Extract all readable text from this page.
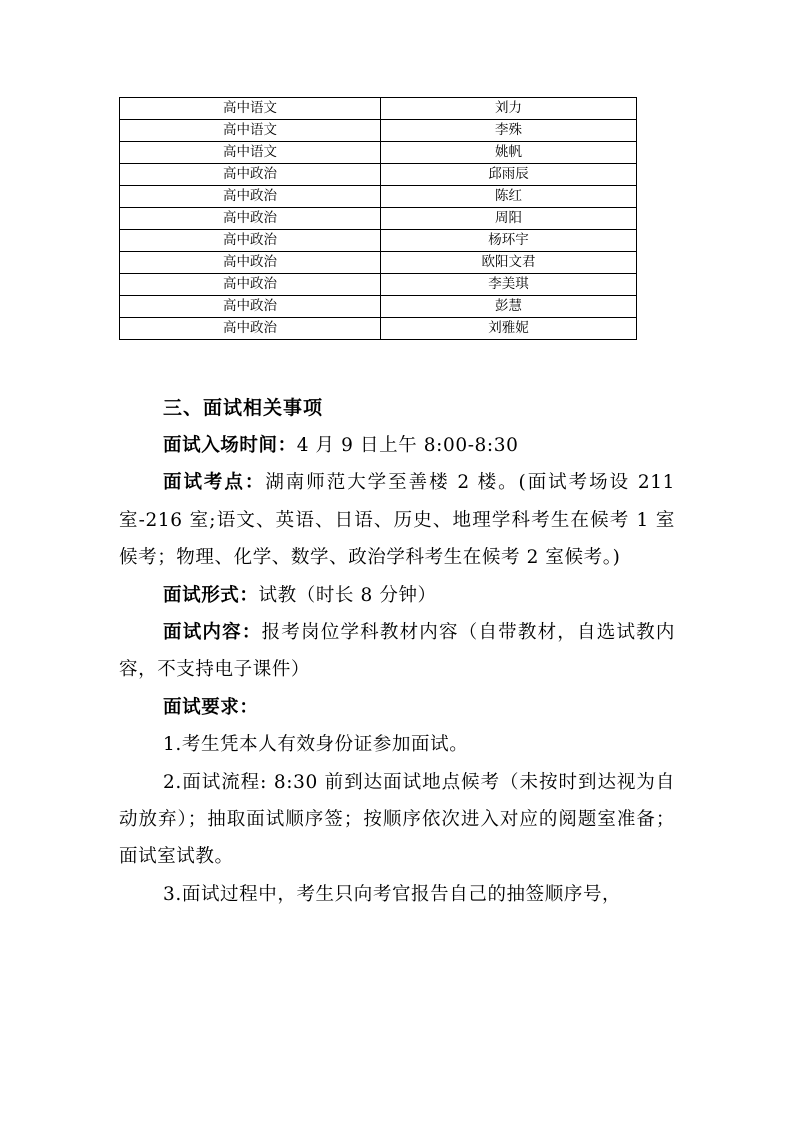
高中语文	刘力
高中语文	李殊
高中语文	姚帆
高中政治	邱雨辰
高中政治	陈红
高中政治	周阳
高中政治	杨环宇
高中政治	欧阳文君
高中政治	李美琪
高中政治	彭慧
高中政治	刘雅妮
三、面试相关事项

面试入场时间：4 月 9 日上午 8:00-8:30

面试考点：湖南师范大学至善楼 2 楼。(面试考场设 211 室-216 室;语文、英语、日语、历史、地理学科考生在候考 1 室候考；物理、化学、数学、政治学科考生在候考 2 室候考。)

面试形式：试教（时长 8 分钟）

面试内容：报考岗位学科教材内容（自带教材，自选试教内容，不支持电子课件）

面试要求：

1.考生凭本人有效身份证参加面试。

2.面试流程: 8:30 前到达面试地点候考（未按时到达视为自动放弃）；抽取面试顺序签；按顺序依次进入对应的阅题室准备；面试室试教。

3.面试过程中，考生只向考官报告自己的抽签顺序号，
